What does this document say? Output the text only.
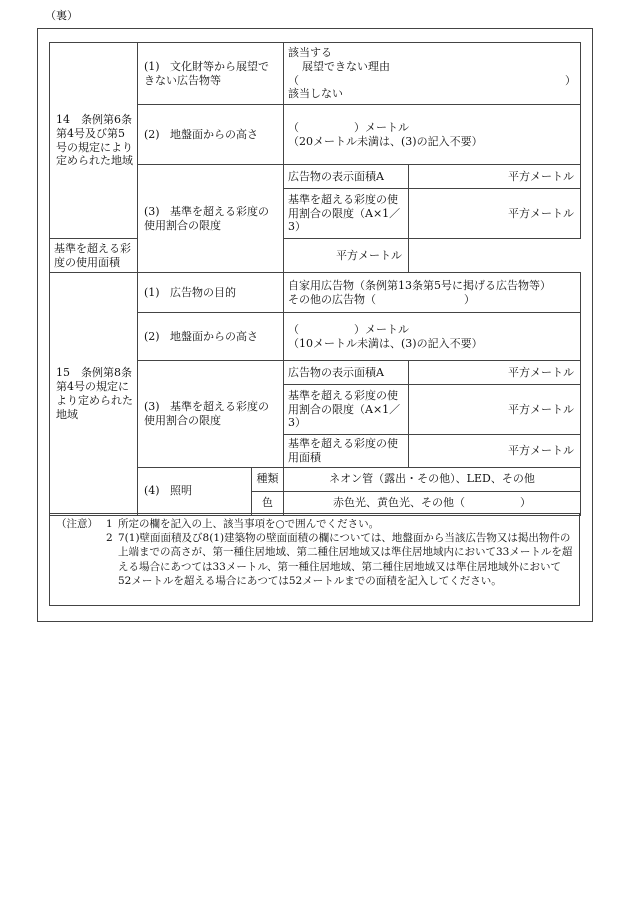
（裏）
14　条例第6条第4号及び第5号の規定により定められた地域	(1) 文化財等から展望できない広告物等		該当する
展望できない理由
（ ）
該当しない	

	(2) 地盤面からの高さ		（　　　　　）メートル
（20メートル未満は、(3)の記入不要）	

	(3) 基準を超える彩度の使用割合の限度		広告物の表示面積A	平方メートル
			基準を超える彩度の使用割合の限度（A×1／3）	平方メートル
基準を超える彩度の使用面積			平方メートル	
15　条例第8条第4号の規定により定められた地域	(1) 広告物の目的		自家用広告物（条例第13条第5号に掲げる広告物等）
その他の広告物（　　　　　　　　）	

	(2) 地盤面からの高さ		（　　　　　）メートル
（10メートル未満は、(3)の記入不要）	

	(3) 基準を超える彩度の使用割合の限度		広告物の表示面積A	平方メートル
			基準を超える彩度の使用割合の限度（A×1／3）	平方メートル
			基準を超える彩度の使用面積	平方メートル
	(4) 照明	種類	ネオン管（露出・その他）、LED、その他	
		色	赤色光、黄色光、その他（　　　　　）	
（注意） 1 所定の欄を記入の上、該当事項を○で囲んでください。
2 7(1)壁面面積及び8(1)建築物の壁面面積の欄については、地盤面から当該広告物又は掲出物件の上端までの高さが、第一種住居地域、第二種住居地域又は準住居地域内において33メートルを超える場合にあつては33メートル、第一種住居地域、第二種住居地域又は準住居地域外において52メートルを超える場合にあつては52メートルまでの面積を記入してください。
